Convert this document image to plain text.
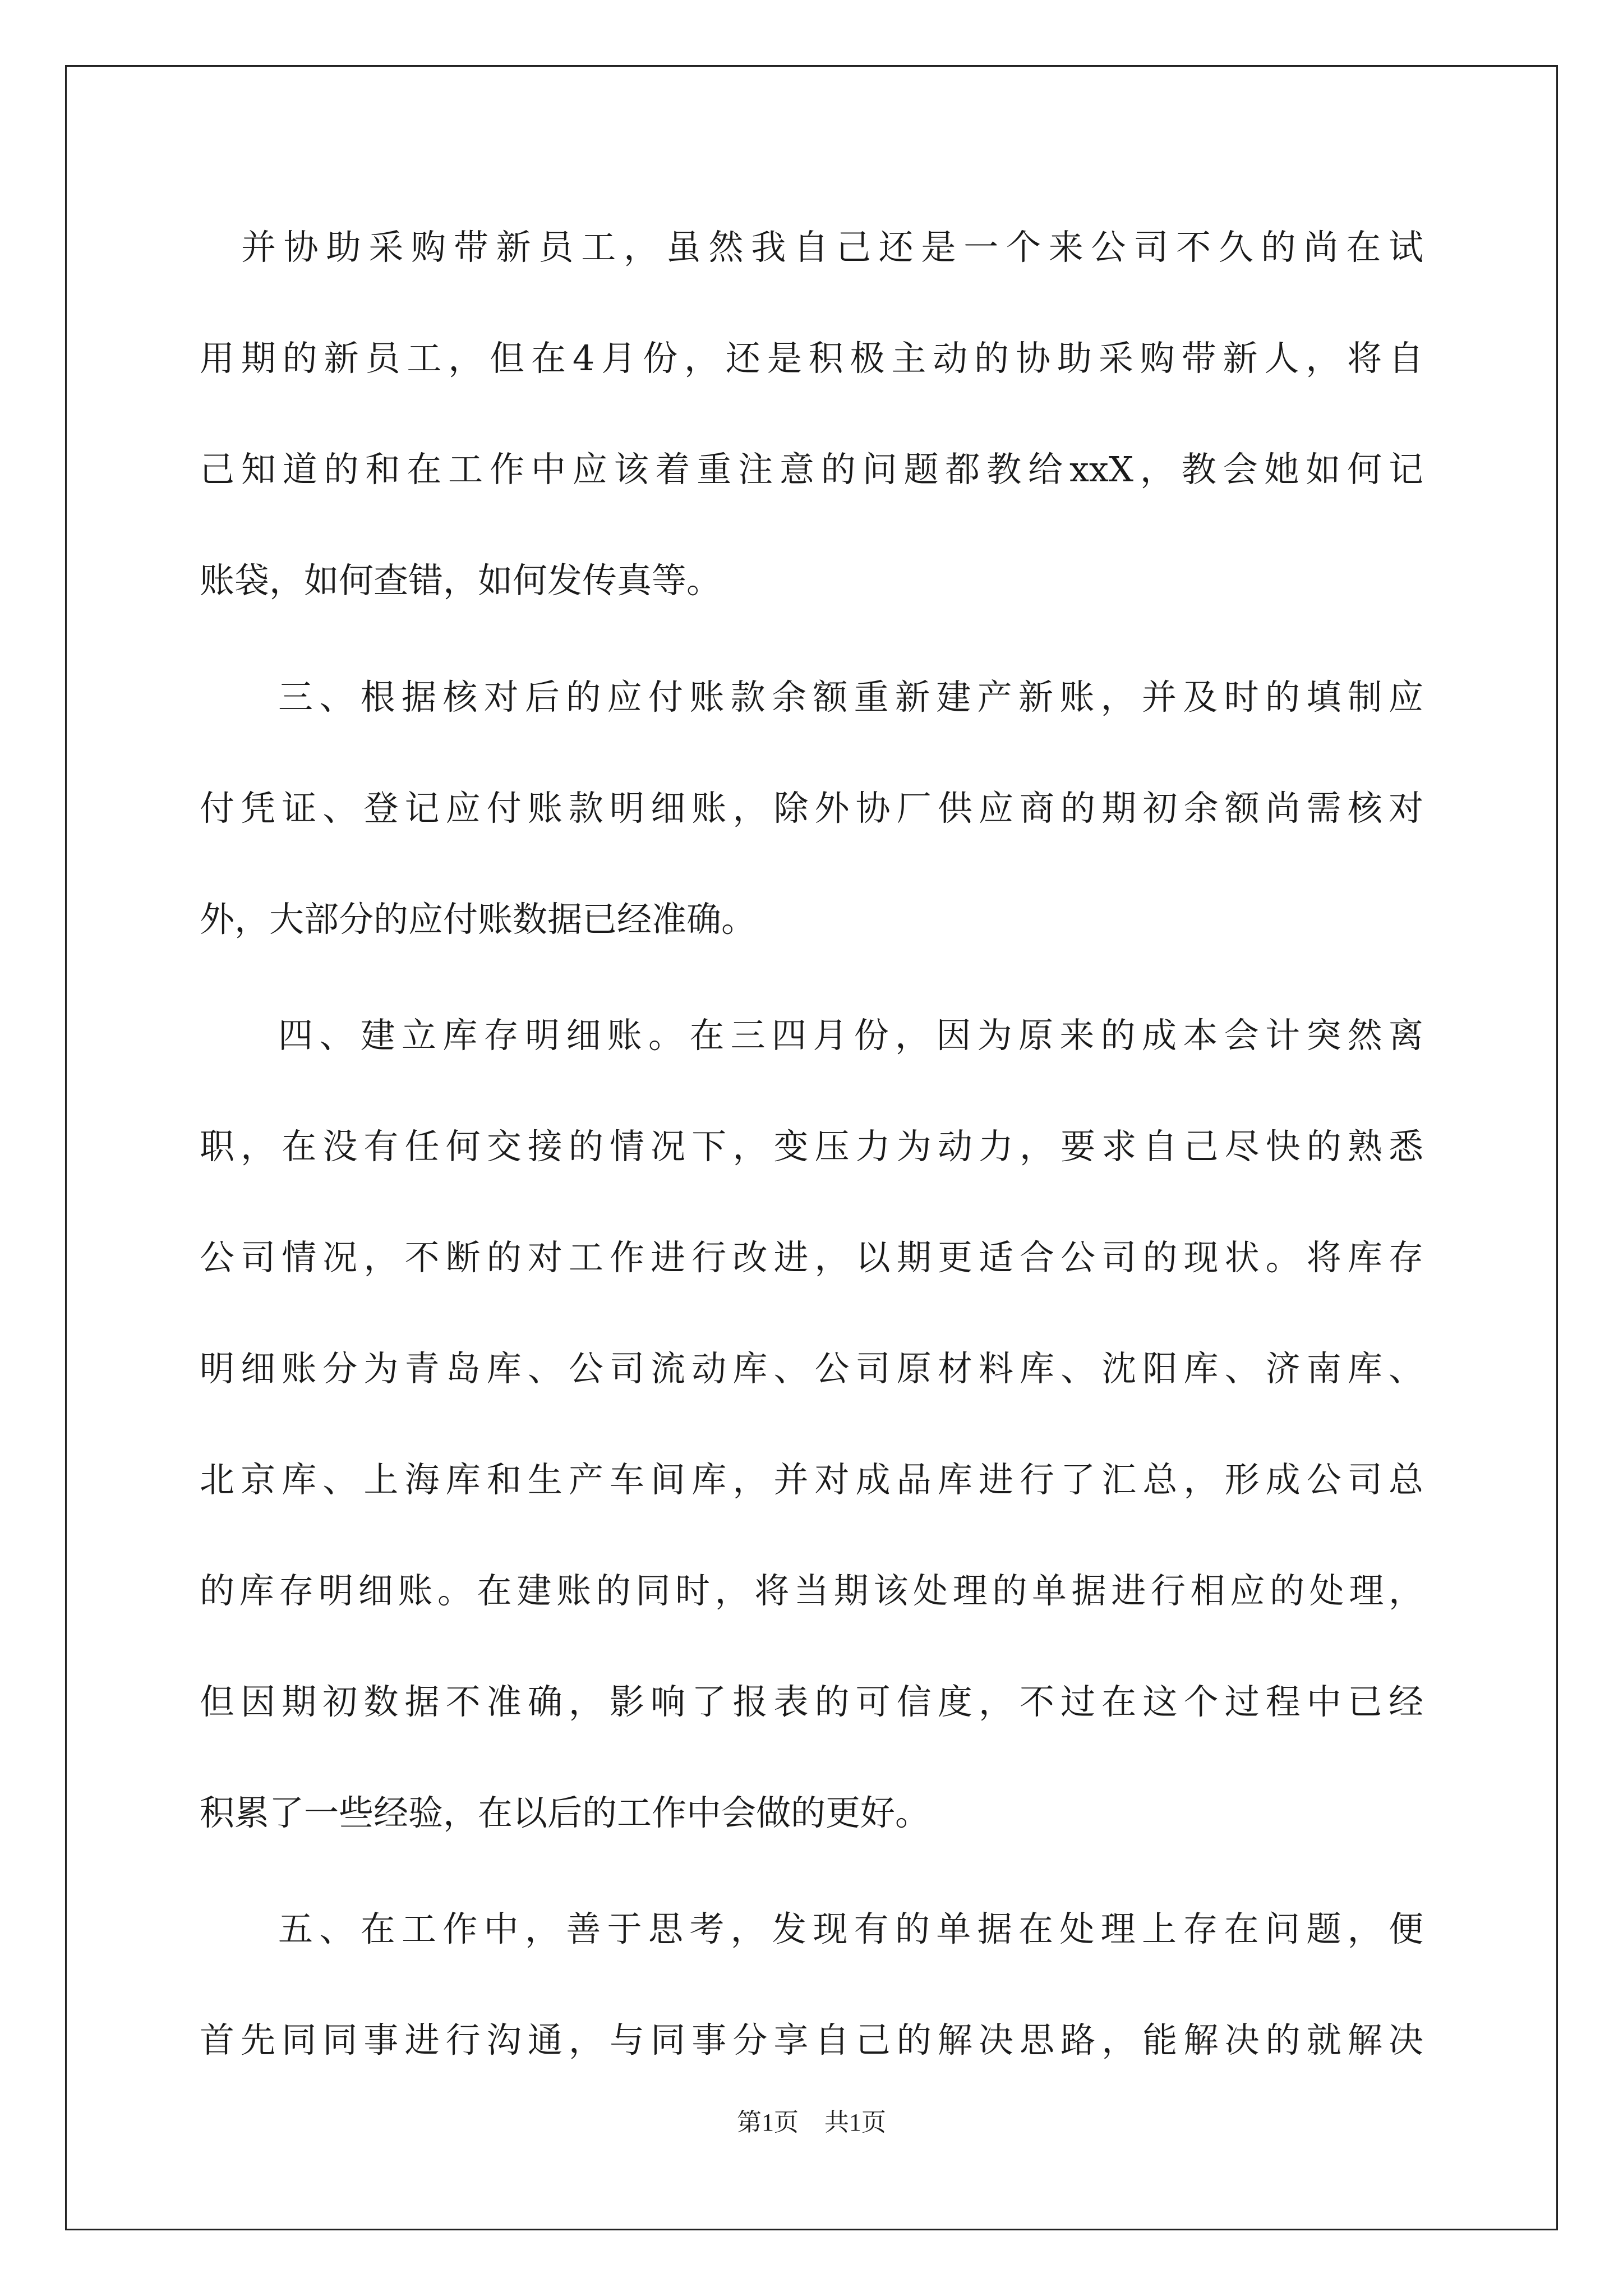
并协助采购带新员工，虽然我自己还是一个来公司不久的尚在试
用期的新员工，但在4月份，还是积极主动的协助采购带新人，将自
己知道的和在工作中应该着重注意的问题都教给xxX，教会她如何记
账袋，如何查错，如何发传真等。
三、根据核对后的应付账款余额重新建产新账，并及时的填制应
付凭证、登记应付账款明细账，除外协厂供应商的期初余额尚需核对
外，大部分的应付账数据已经准确。
四、建立库存明细账。在三四月份，因为原来的成本会计突然离
职，在没有任何交接的情况下，变压力为动力，要求自己尽快的熟悉
公司情况，不断的对工作进行改进，以期更适合公司的现状。将库存
明细账分为青岛库、公司流动库、公司原材料库、沈阳库、济南库、
北京库、上海库和生产车间库，并对成品库进行了汇总，形成公司总
的库存明细账。在建账的同时，将当期该处理的单据进行相应的处理，
但因期初数据不准确，影响了报表的可信度，不过在这个过程中已经
积累了一些经验，在以后的工作中会做的更好。
五、在工作中，善于思考，发现有的单据在处理上存在问题，便
首先同同事进行沟通，与同事分享自己的解决思路，能解决的就解决
第1页 共1页
